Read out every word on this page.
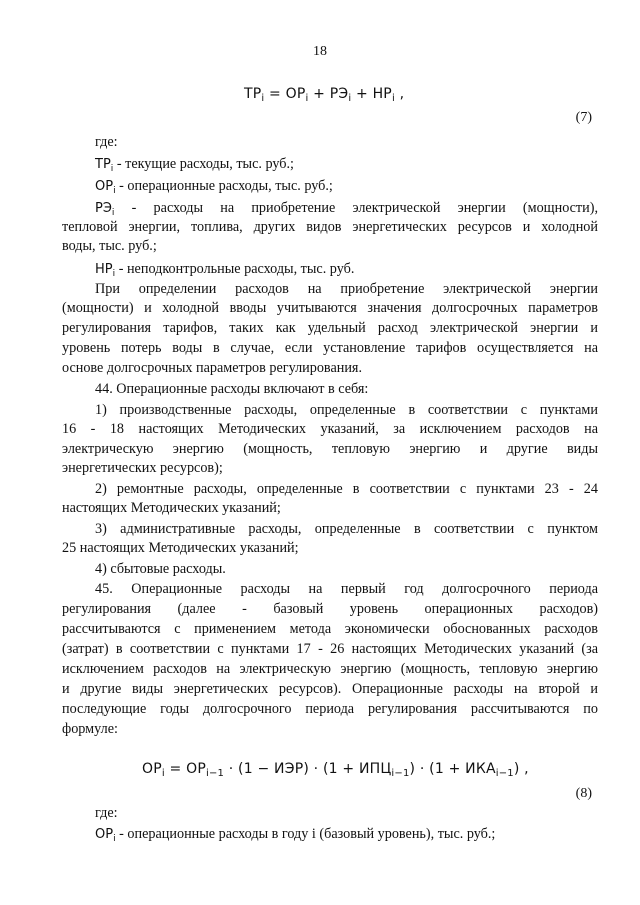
18
$ТР_i = ОР_i + РЭ_i + НР_i$ ,
(7)
где:
$ТР_i$ - текущие расходы, тыс. руб.;
$ОР_i$ - операционные расходы, тыс. руб.;
$РЭ_i$ - расходы на приобретение электрической энергии (мощности),
тепловой энергии, топлива, других видов энергетических ресурсов и холодной
воды, тыс. руб.;
$НР_i$ - неподконтрольные расходы, тыс. руб.
При определении расходов на приобретение электрической энергии
(мощности) и холодной вводы учитываются значения долгосрочных параметров
регулирования тарифов, таких как удельный расход электрической энергии и
уровень потерь воды в случае, если установление тарифов осуществляется на
основе долгосрочных параметров регулирования.
44. Операционные расходы включают в себя:
1) производственные расходы, определенные в соответствии с пунктами
16 - 18 настоящих Методических указаний, за исключением расходов на
электрическую энергию (мощность, тепловую энергию и другие виды
энергетических ресурсов);
2) ремонтные расходы, определенные в соответствии с пунктами 23 - 24
настоящих Методических указаний;
3) административные расходы, определенные в соответствии с пунктом
25 настоящих Методических указаний;
4) сбытовые расходы.
45. Операционные расходы на первый год долгосрочного периода
регулирования (далее - базовый уровень операционных расходов)
рассчитываются с применением метода экономически обоснованных расходов
(затрат) в соответствии с пунктами 17 - 26 настоящих Методических указаний (за
исключением расходов на электрическую энергию (мощность, тепловую энергию
и другие виды энергетических ресурсов). Операционные расходы на второй и
последующие годы долгосрочного периода регулирования рассчитываются по
формуле:
$ОР_i = ОР_{i-1} \cdot (1 - ИЭР) \cdot (1 + ИПЦ_{i-1}) \cdot (1 + ИКА_{i-1})$ ,
(8)
где:
$ОР_i$ - операционные расходы в году i (базовый уровень), тыс. руб.;
